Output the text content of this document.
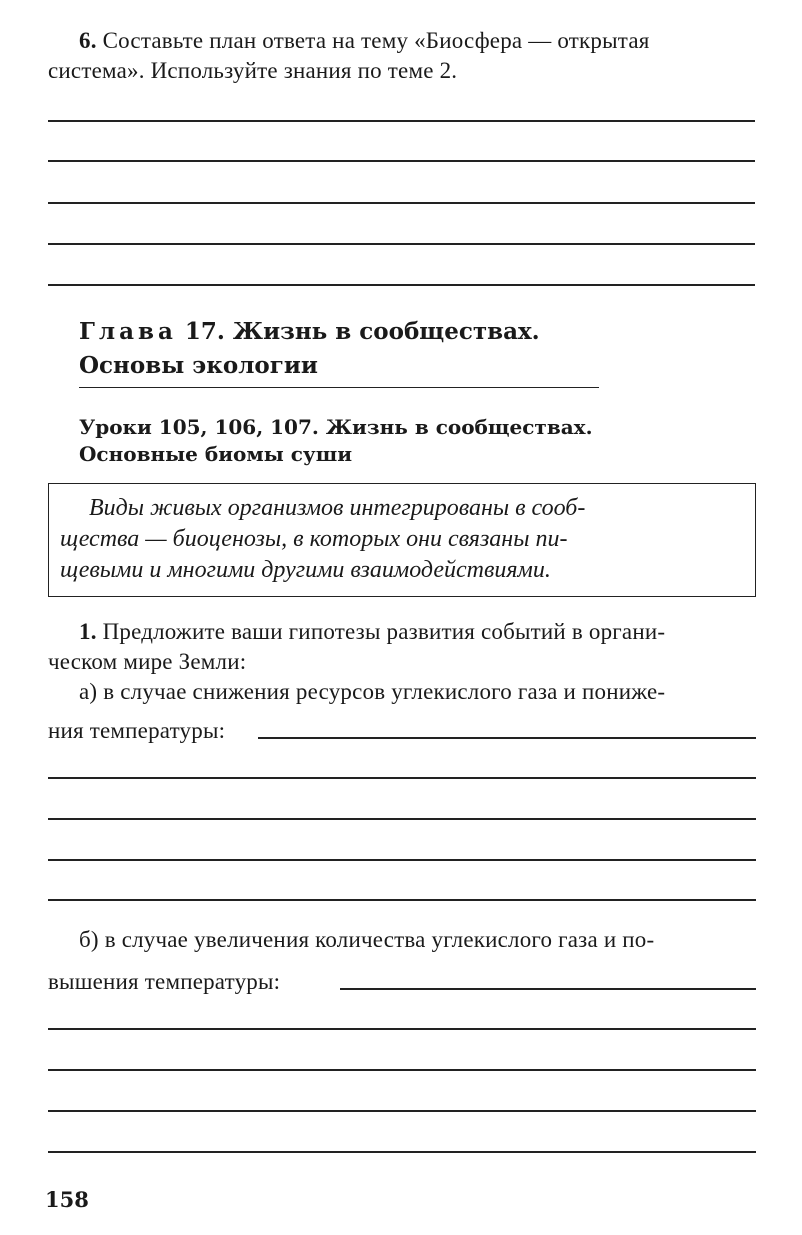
6. Составьте план ответа на тему «Биосфера — открытая
система». Используйте знания по теме 2.
Глава 17. Жизнь в сообществах.
Основы экологии
Уроки 105, 106, 107. Жизнь в сообществах.
Основные биомы суши
Виды живых организмов интегрированы в сооб-
щества — биоценозы, в которых они связаны пи-
щевыми и многими другими взаимодействиями.
1. Предложите ваши гипотезы развития событий в органи-
ческом мире Земли:
а) в случае снижения ресурсов углекислого газа и пониже-
ния температуры:
б) в случае увеличения количества углекислого газа и по-
вышения температуры:
158
